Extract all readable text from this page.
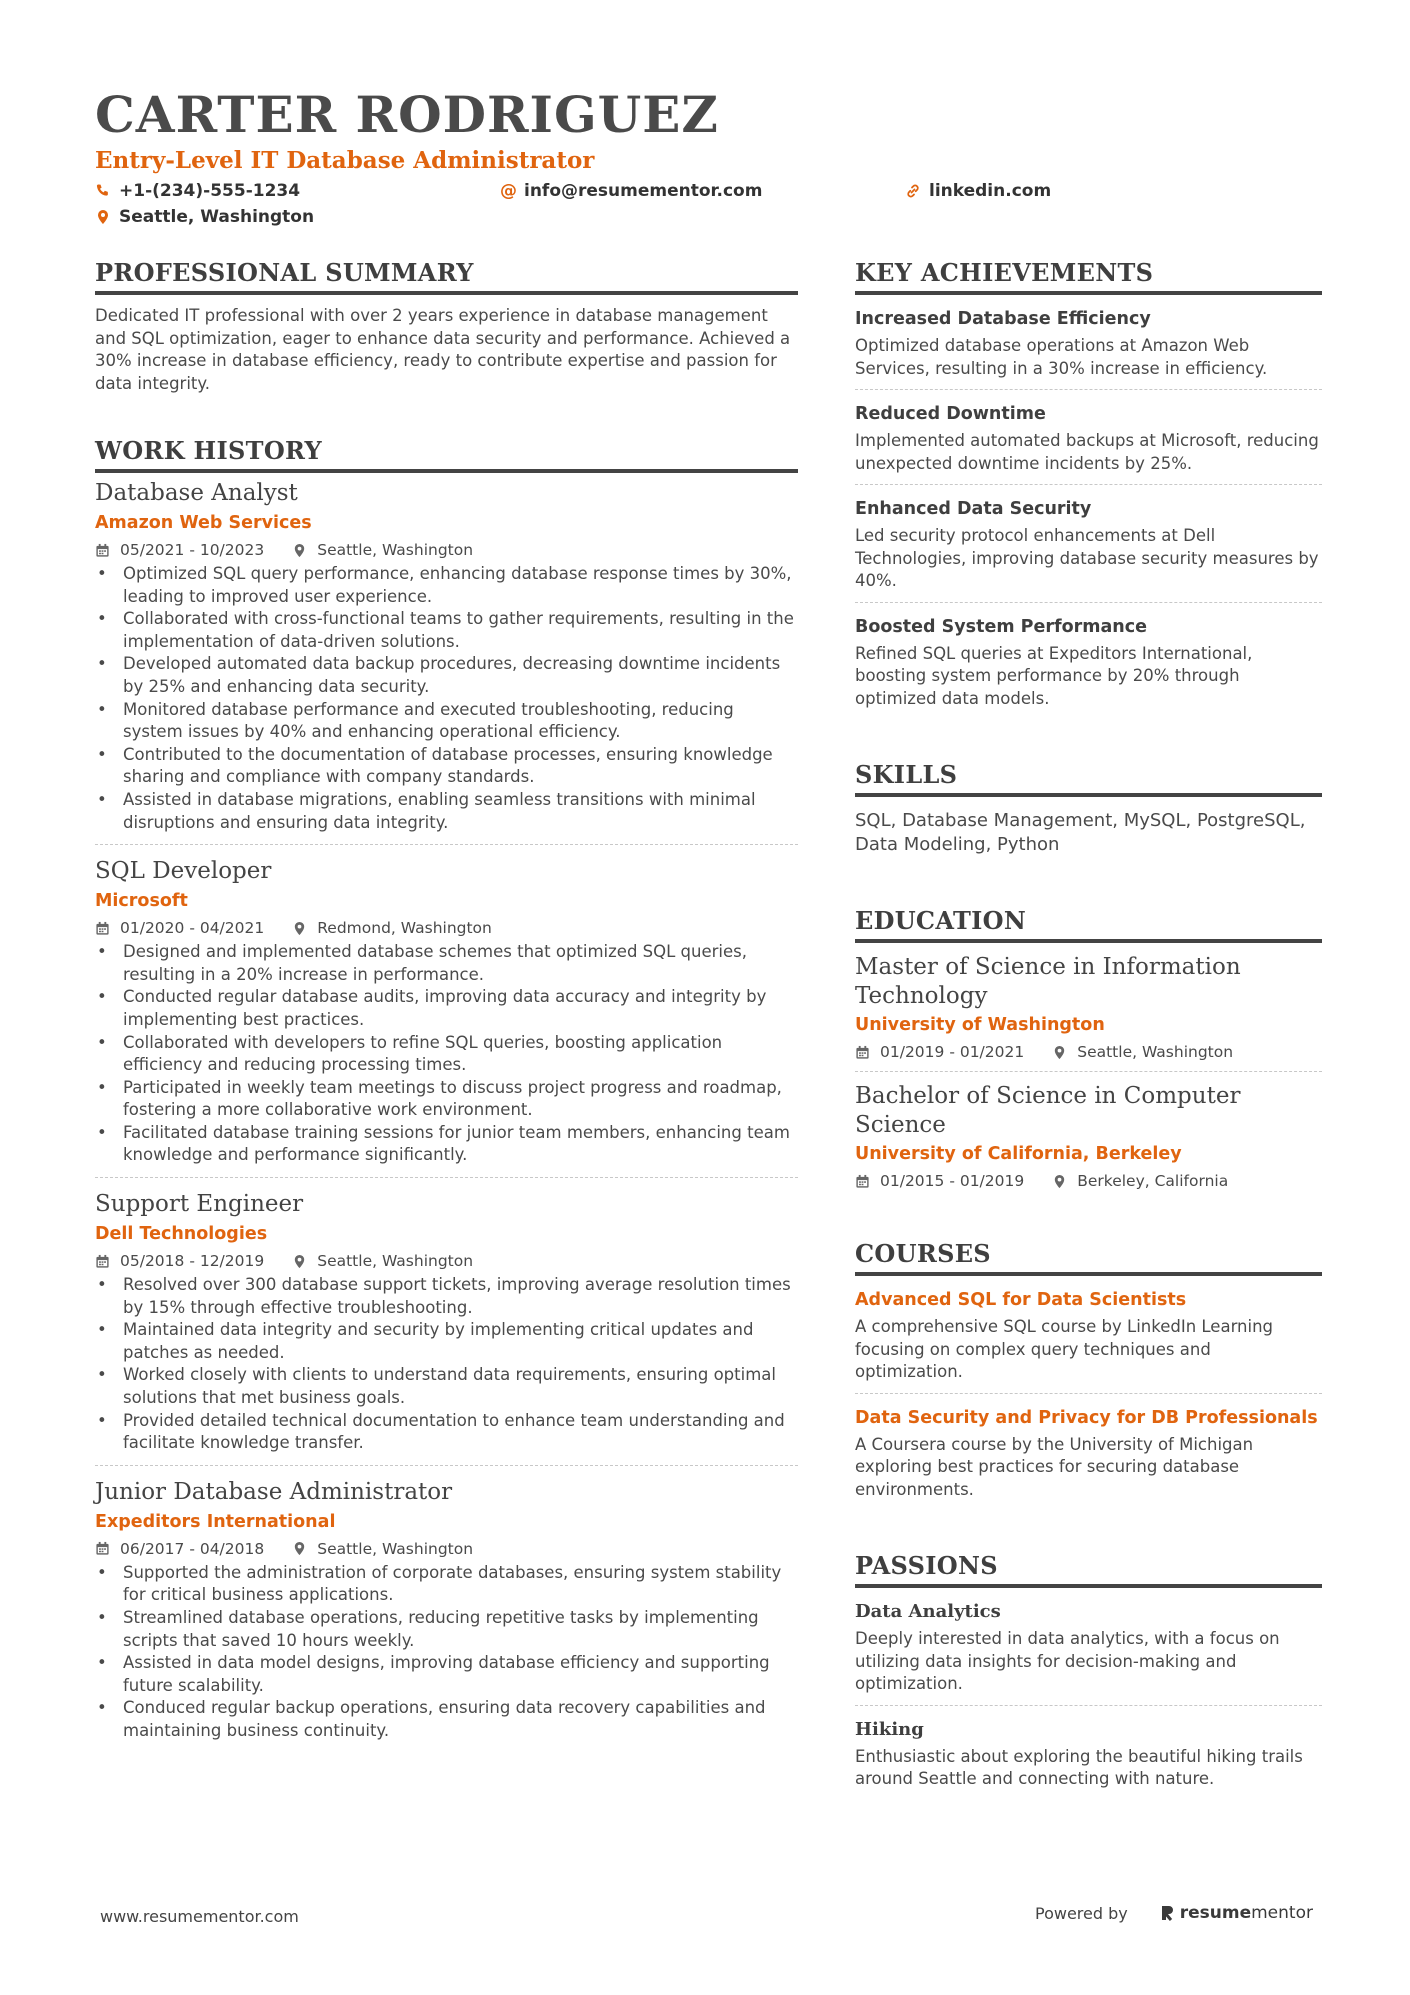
CARTER RODRIGUEZ
Entry-Level IT Database Administrator
+1-(234)-555-1234	@ info@resumementor.com	linkedin.com
Seattle, Washington
PROFESSIONAL SUMMARY
Dedicated IT professional with over 2 years experience in database management and SQL optimization, eager to enhance data security and performance. Achieved a 30% increase in database efficiency, ready to contribute expertise and passion for data integrity.
WORK HISTORY
Database Analyst
Amazon Web Services
05/2021 - 10/2023	Seattle, Washington
• Optimized SQL query performance, enhancing database response times by 30%, leading to improved user experience.
• Collaborated with cross-functional teams to gather requirements, resulting in the implementation of data-driven solutions.
• Developed automated data backup procedures, decreasing downtime incidents by 25% and enhancing data security.
• Monitored database performance and executed troubleshooting, reducing system issues by 40% and enhancing operational efficiency.
• Contributed to the documentation of database processes, ensuring knowledge sharing and compliance with company standards.
• Assisted in database migrations, enabling seamless transitions with minimal disruptions and ensuring data integrity.
SQL Developer
Microsoft
01/2020 - 04/2021	Redmond, Washington
• Designed and implemented database schemes that optimized SQL queries, resulting in a 20% increase in performance.
• Conducted regular database audits, improving data accuracy and integrity by implementing best practices.
• Collaborated with developers to refine SQL queries, boosting application efficiency and reducing processing times.
• Participated in weekly team meetings to discuss project progress and roadmap, fostering a more collaborative work environment.
• Facilitated database training sessions for junior team members, enhancing team knowledge and performance significantly.
Support Engineer
Dell Technologies
05/2018 - 12/2019	Seattle, Washington
• Resolved over 300 database support tickets, improving average resolution times by 15% through effective troubleshooting.
• Maintained data integrity and security by implementing critical updates and patches as needed.
• Worked closely with clients to understand data requirements, ensuring optimal solutions that met business goals.
• Provided detailed technical documentation to enhance team understanding and facilitate knowledge transfer.
Junior Database Administrator
Expeditors International
06/2017 - 04/2018	Seattle, Washington
• Supported the administration of corporate databases, ensuring system stability for critical business applications.
• Streamlined database operations, reducing repetitive tasks by implementing scripts that saved 10 hours weekly.
• Assisted in data model designs, improving database efficiency and supporting future scalability.
• Conduced regular backup operations, ensuring data recovery capabilities and maintaining business continuity.
KEY ACHIEVEMENTS
Increased Database Efficiency
Optimized database operations at Amazon Web Services, resulting in a 30% increase in efficiency.
Reduced Downtime
Implemented automated backups at Microsoft, reducing unexpected downtime incidents by 25%.
Enhanced Data Security
Led security protocol enhancements at Dell Technologies, improving database security measures by 40%.
Boosted System Performance
Refined SQL queries at Expeditors International, boosting system performance by 20% through optimized data models.
SKILLS
SQL, Database Management, MySQL, PostgreSQL, Data Modeling, Python
EDUCATION
Master of Science in Information Technology
University of Washington
01/2019 - 01/2021	Seattle, Washington
Bachelor of Science in Computer Science
University of California, Berkeley
01/2015 - 01/2019	Berkeley, California
COURSES
Advanced SQL for Data Scientists
A comprehensive SQL course by LinkedIn Learning focusing on complex query techniques and optimization.
Data Security and Privacy for DB Professionals
A Coursera course by the University of Michigan exploring best practices for securing database environments.
PASSIONS
Data Analytics
Deeply interested in data analytics, with a focus on utilizing data insights for decision-making and optimization.
Hiking
Enthusiastic about exploring the beautiful hiking trails around Seattle and connecting with nature.
www.resumementor.com	Powered by	resumementor
